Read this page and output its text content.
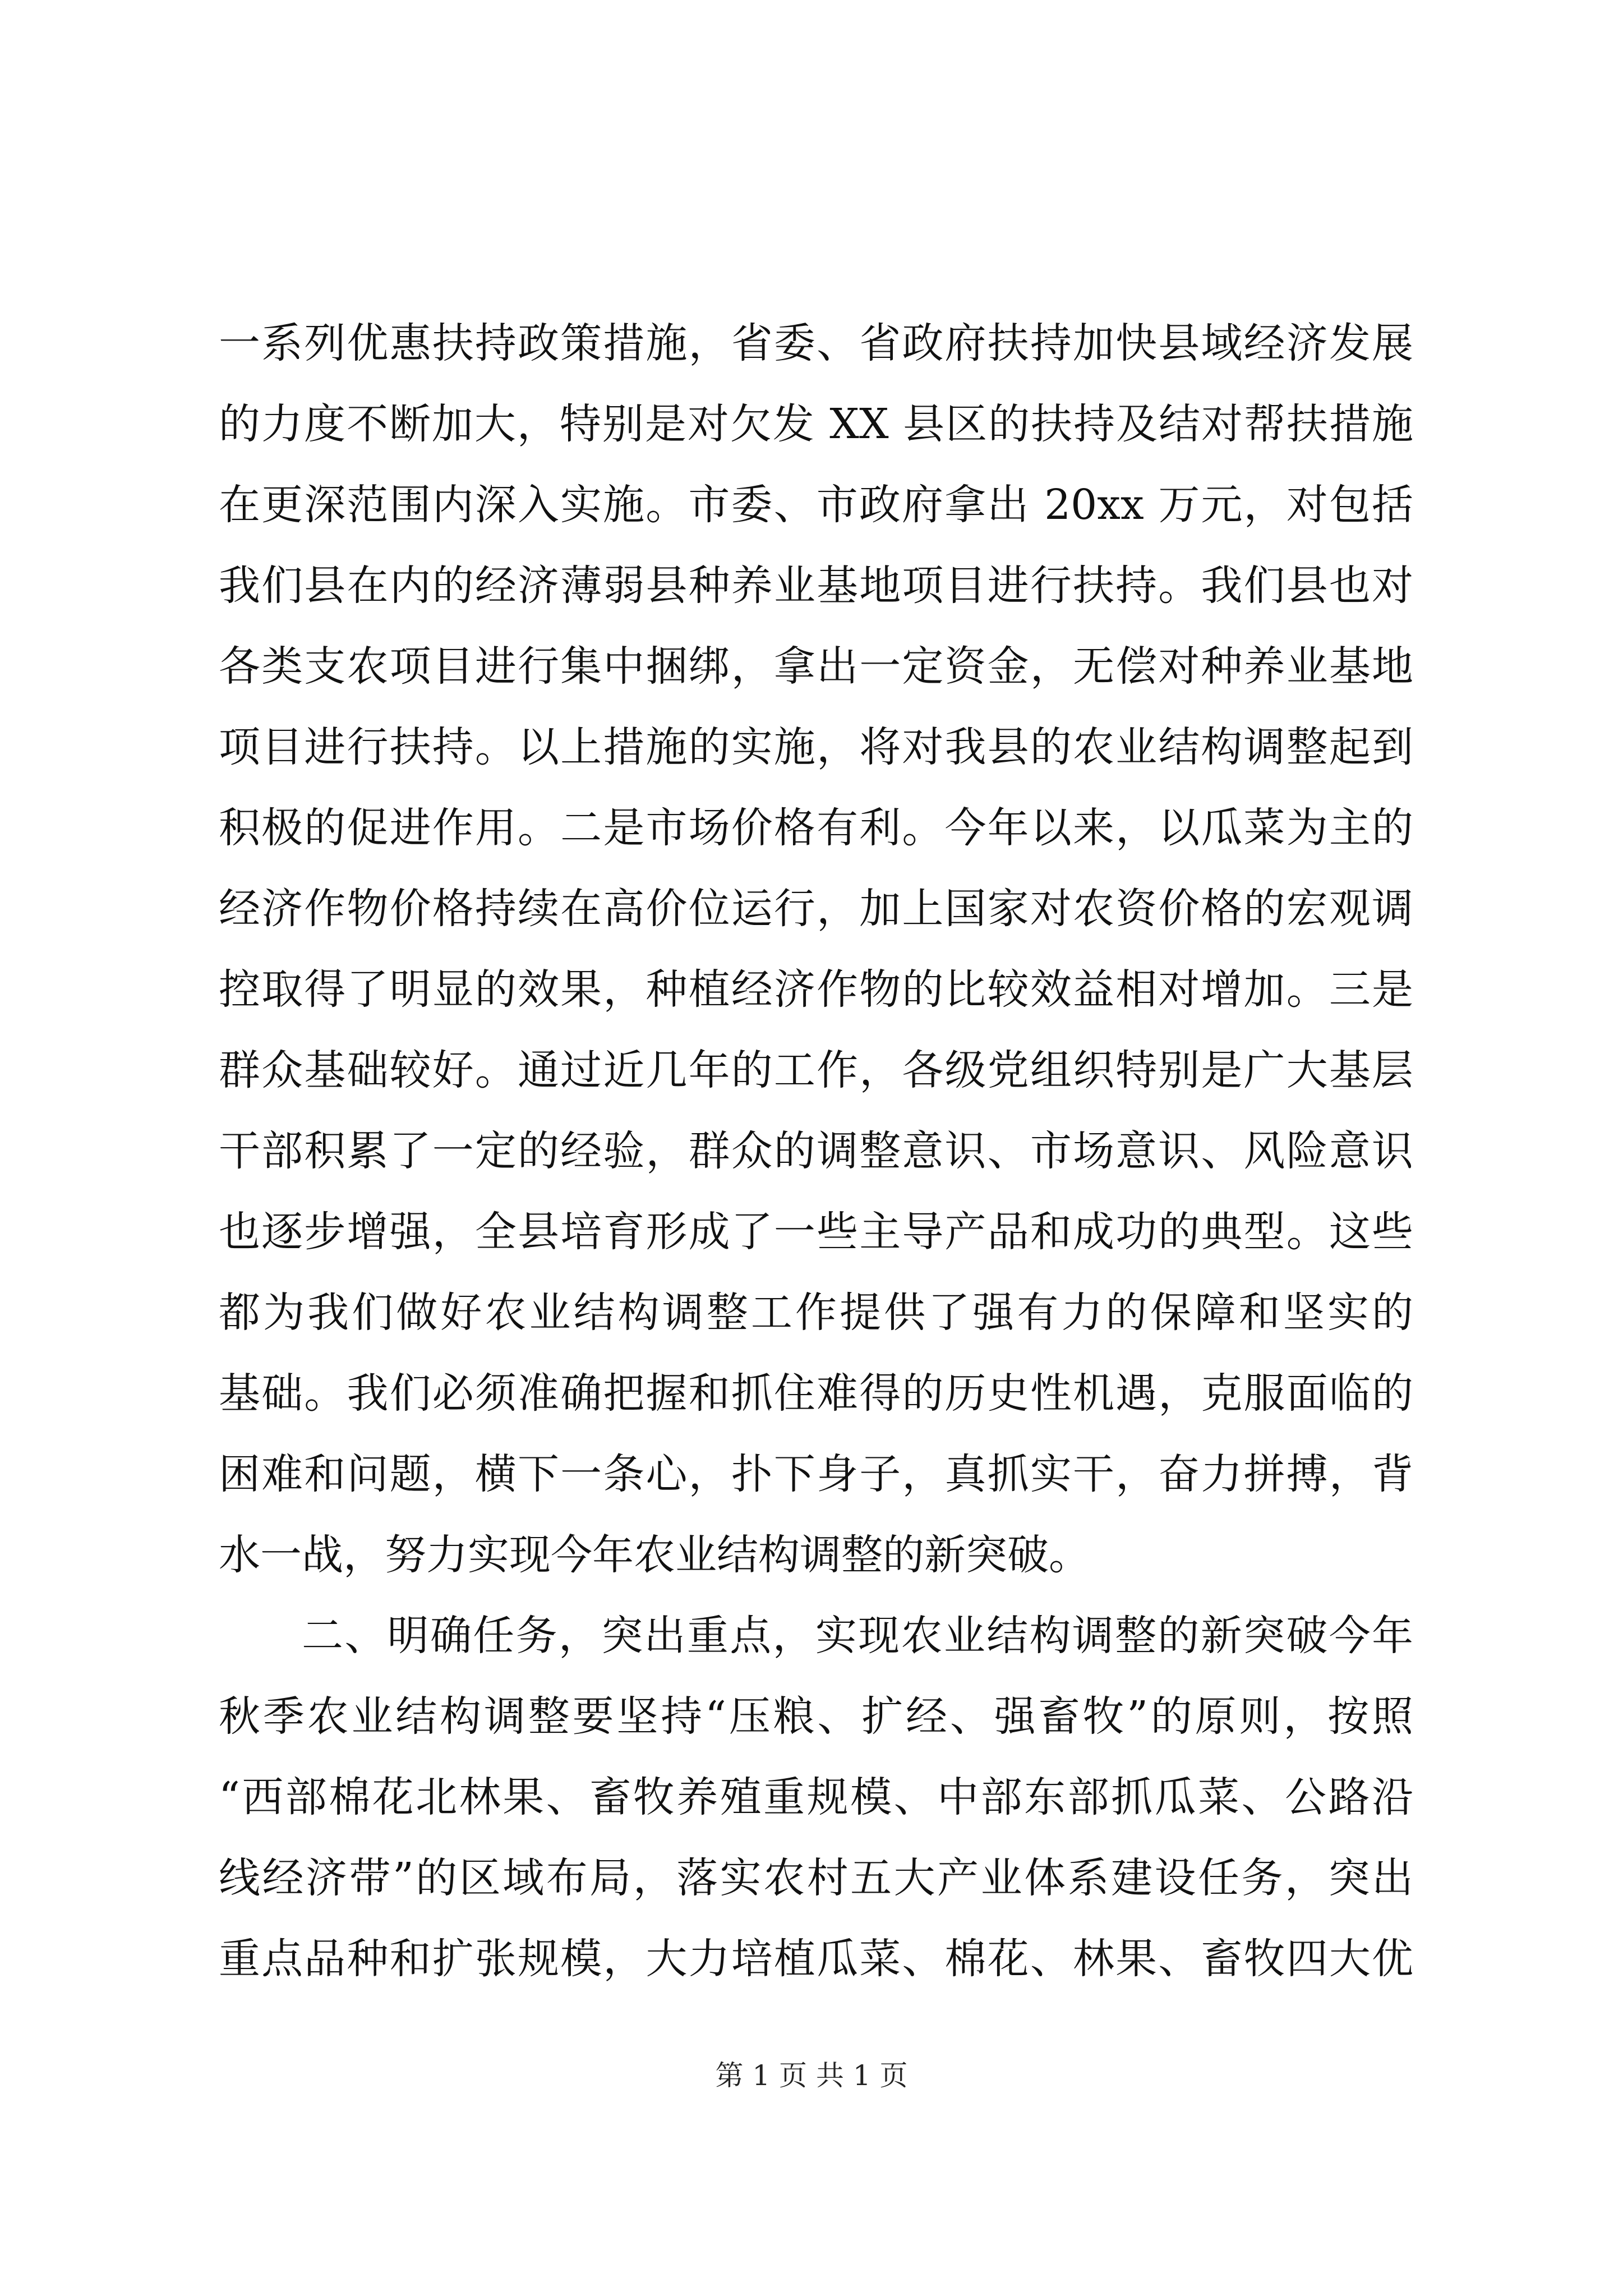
一系列优惠扶持政策措施，省委、省政府扶持加快县域经济发展
的力度不断加大，特别是对欠发 XX 县区的扶持及结对帮扶措施
在更深范围内深入实施。市委、市政府拿出 20xx 万元，对包括
我们县在内的经济薄弱县种养业基地项目进行扶持。我们县也对
各类支农项目进行集中捆绑，拿出一定资金，无偿对种养业基地
项目进行扶持。以上措施的实施，将对我县的农业结构调整起到
积极的促进作用。二是市场价格有利。今年以来，以瓜菜为主的
经济作物价格持续在高价位运行，加上国家对农资价格的宏观调
控取得了明显的效果，种植经济作物的比较效益相对增加。三是
群众基础较好。通过近几年的工作，各级党组织特别是广大基层
干部积累了一定的经验，群众的调整意识、市场意识、风险意识
也逐步增强，全县培育形成了一些主导产品和成功的典型。这些
都为我们做好农业结构调整工作提供了强有力的保障和坚实的
基础。我们必须准确把握和抓住难得的历史性机遇，克服面临的
困难和问题，横下一条心，扑下身子，真抓实干，奋力拼搏，背
水一战，努力实现今年农业结构调整的新突破。
二、明确任务，突出重点，实现农业结构调整的新突破今年
秋季农业结构调整要坚持“压粮、扩经、强畜牧”的原则，按照
“西部棉花北林果、畜牧养殖重规模、中部东部抓瓜菜、公路沿
线经济带”的区域布局，落实农村五大产业体系建设任务，突出
重点品种和扩张规模，大力培植瓜菜、棉花、林果、畜牧四大优
第 1 页 共 1 页
